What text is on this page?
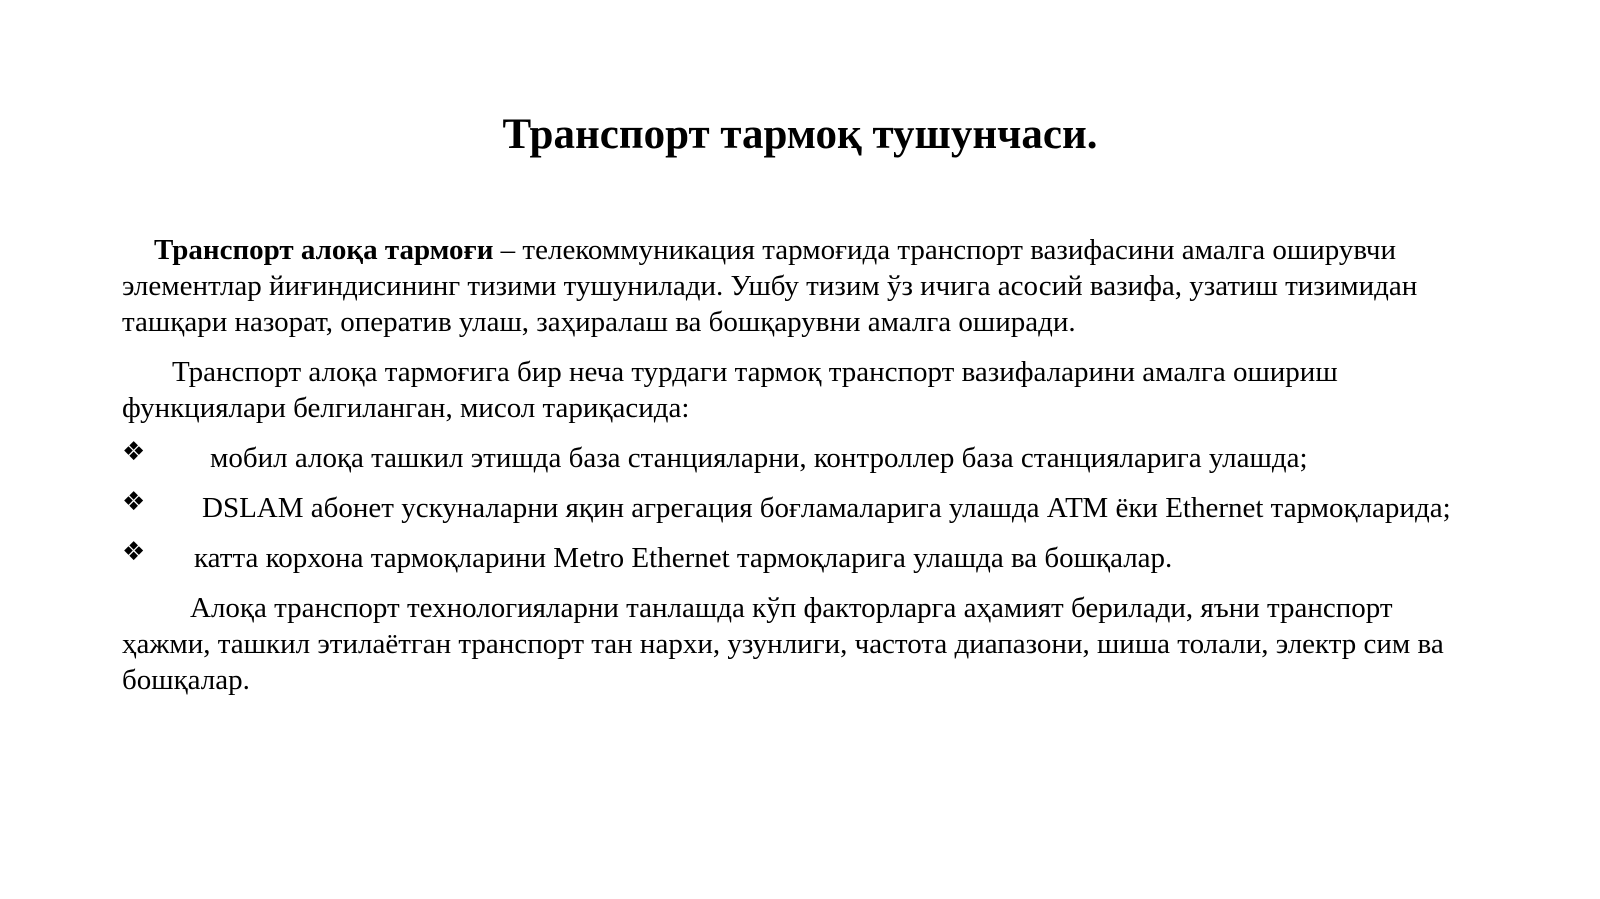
Транспорт тармоқ тушунчаси.

Транспорт алоқа тармоғи – телекоммуникация тармоғида транспорт вазифасини амалга оширувчи элементлар йиғиндисининг тизими тушунилади. Ушбу тизим ўз ичига асосий вазифа, узатиш тизимидан ташқари назорат, оператив улаш, заҳиралаш ва бошқарувни амалга оширади.

Транспорт алоқа тармоғига бир неча турдаги тармоқ транспорт вазифаларини амалга ошириш функциялари белгиланган, мисол тариқасида:

❖ мобил алоқа ташкил этишда база станцияларни, контроллер база станцияларига улашда;
❖	DSLAM абонет ускуналарни яқин агрегация боғламаларига улашда АТМ ёки Ethernet тармоқларида;
❖ катта корхона тармоқларини Metro Ethernet тармоқларига улашда ва бошқалар.

Алоқа транспорт технологияларни танлашда кўп факторларга аҳамият берилади, яъни транспорт ҳажми, ташкил этилаётган транспорт тан нархи, узунлиги, частота диапазони, шиша толали, электр сим ва бошқалар.
